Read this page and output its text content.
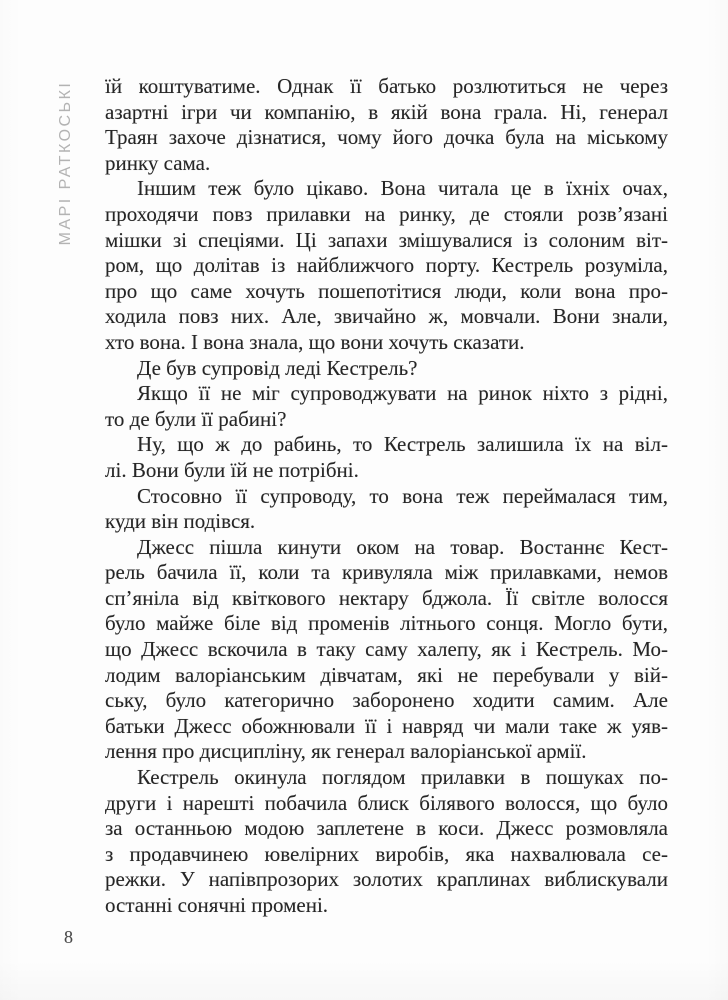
МАРІ РАТКОСЬКІ їй коштуватиме. Однак її батько розлютиться не через
азартні ігри чи компанію, в якій вона грала. Ні, генерал
Траян захоче дізнатися, чому його дочка була на міському
ринку сама.
Іншим теж було цікаво. Вона читала це в їхніх очах,
проходячи повз прилавки на ринку, де стояли розв’язані
мішки зі спеціями. Ці запахи змішувалися із солоним віт-
ром, що долітав із найближчого порту. Кестрель розуміла,
про що саме хочуть пошепотітися люди, коли вона про-
ходила повз них. Але, звичайно ж, мовчали. Вони знали,
хто вона. І вона знала, що вони хочуть сказати.
Де був супровід леді Кестрель?
Якщо її не міг супроводжувати на ринок ніхто з рідні,
то де були її рабині?
Ну, що ж до рабинь, то Кестрель залишила їх на віл-
лі. Вони були їй не потрібні.
Стосовно її супроводу, то вона теж переймалася тим,
куди він подівся.
Джесс пішла кинути оком на товар. Востаннє Кест-
рель бачила її, коли та кривуляла між прилавками, немов
сп’яніла від квіткового нектару бджола. Її світле волосся
було майже біле від променів літнього сонця. Могло бути,
що Джесс вскочила в таку саму халепу, як і Кестрель. Мо-
лодим валоріанським дівчатам, які не перебували у вій-
ську, було категорично заборонено ходити самим. Але
батьки Джесс обожнювали її і навряд чи мали таке ж уяв-
лення про дисципліну, як генерал валоріанської армії.
Кестрель окинула поглядом прилавки в пошуках по-
други і нарешті побачила блиск білявого волосся, що було
за останньою модою заплетене в коси. Джесс розмовляла
з продавчинею ювелірних виробів, яка нахвалювала се-
режки. У напівпрозорих золотих краплинах виблискували
останні сонячні промені.
8
